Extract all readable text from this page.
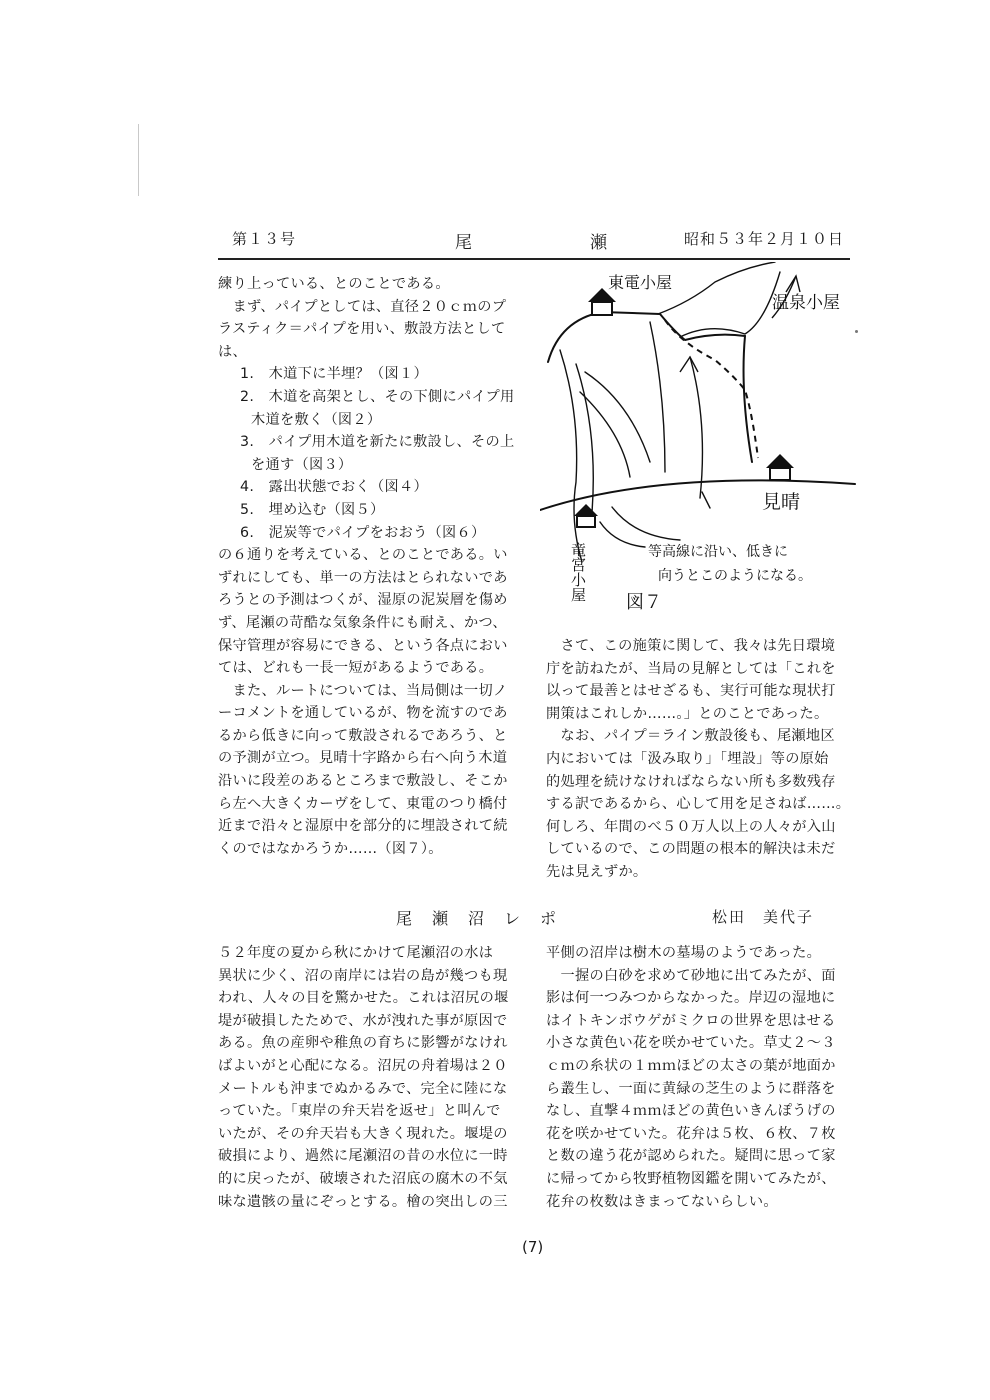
第１３号	尾	瀬	昭和５３年２月１０日

練り上っている、とのことである。

　まず、パイプとしては、直径２０ｃｍのプ

ラスティク＝パイプを用い、敷設方法として

は、

1.　木道下に半埋？（図１）

2.　木道を高架とし、その下側にパイプ用

木道を敷く（図２）

3.　パイプ用木道を新たに敷設し、その上

を通す（図３）

4.　露出状態でおく（図４）

5.　埋め込む（図５）

6.　泥炭等でパイプをおおう（図６）

の６通りを考えている、とのことである。い

ずれにしても、単一の方法はとられないであ

ろうとの予測はつくが、湿原の泥炭層を傷め

ず、尾瀬の苛酷な気象条件にも耐え、かつ、

保守管理が容易にできる、という各点におい

ては、どれも一長一短があるようである。

　また、ルートについては、当局側は一切ノ

ーコメントを通しているが、物を流すのであ

るから低きに向って敷設されるであろう、と

の予測が立つ。見晴十字路から右へ向う木道

沿いに段差のあるところまで敷設し、そこか

ら左へ大きくカーヴをして、東電のつり橋付

近まで沿々と湿原中を部分的に埋設されて続

くのではなかろうか……（図７）。

東電小屋
温泉小屋
見晴
竜宮小屋
図７
等高線に沿い、低きに
向うとこのようになる。

　さて、この施策に関して、我々は先日環境

庁を訪ねたが、当局の見解としては「これを

以って最善とはせざるも、実行可能な現状打

開策はこれしか……。」とのことであった。

　なお、パイプ＝ライン敷設後も、尾瀬地区

内においては「汲み取り」「埋設」等の原始

的処理を続けなければならない所も多数残存

する訳であるから、心して用を足さねば……。

何しろ、年間のべ５０万人以上の人々が入山

しているので、この問題の根本的解決は未だ

先は見えずか。

尾　瀬　沼　レ　ポ	松田　美代子

５２年度の夏から秋にかけて尾瀬沼の水は

異状に少く、沼の南岸には岩の島が幾つも現

われ、人々の目を驚かせた。これは沼尻の堰

堤が破損したためで、水が洩れた事が原因で

ある。魚の産卵や稚魚の育ちに影響がなけれ

ばよいがと心配になる。沼尻の舟着場は２０

メートルも沖までぬかるみで、完全に陸にな

っていた。「東岸の弁天岩を返せ」と叫んで

いたが、その弁天岩も大きく現れた。堰堤の

破損により、過然に尾瀬沼の昔の水位に一時

的に戻ったが、破壊された沼底の腐木の不気

味な遺骸の量にぞっとする。檜の突出しの三

平側の沼岸は樹木の墓場のようであった。

　一握の白砂を求めて砂地に出てみたが、面

影は何一つみつからなかった。岸辺の湿地に

はイトキンボウゲがミクロの世界を思はせる

小さな黄色い花を咲かせていた。草丈２～３

ｃｍの糸状の１ｍｍほどの太さの葉が地面か

ら叢生し、一面に黄緑の芝生のように群落を

なし、直撃４ｍｍほどの黄色いきんぽうげの

花を咲かせていた。花弁は５枚、６枚、７枚

と数の違う花が認められた。疑問に思って家

に帰ってから牧野植物図鑑を開いてみたが、

花弁の枚数はきまってないらしい。

(7)
